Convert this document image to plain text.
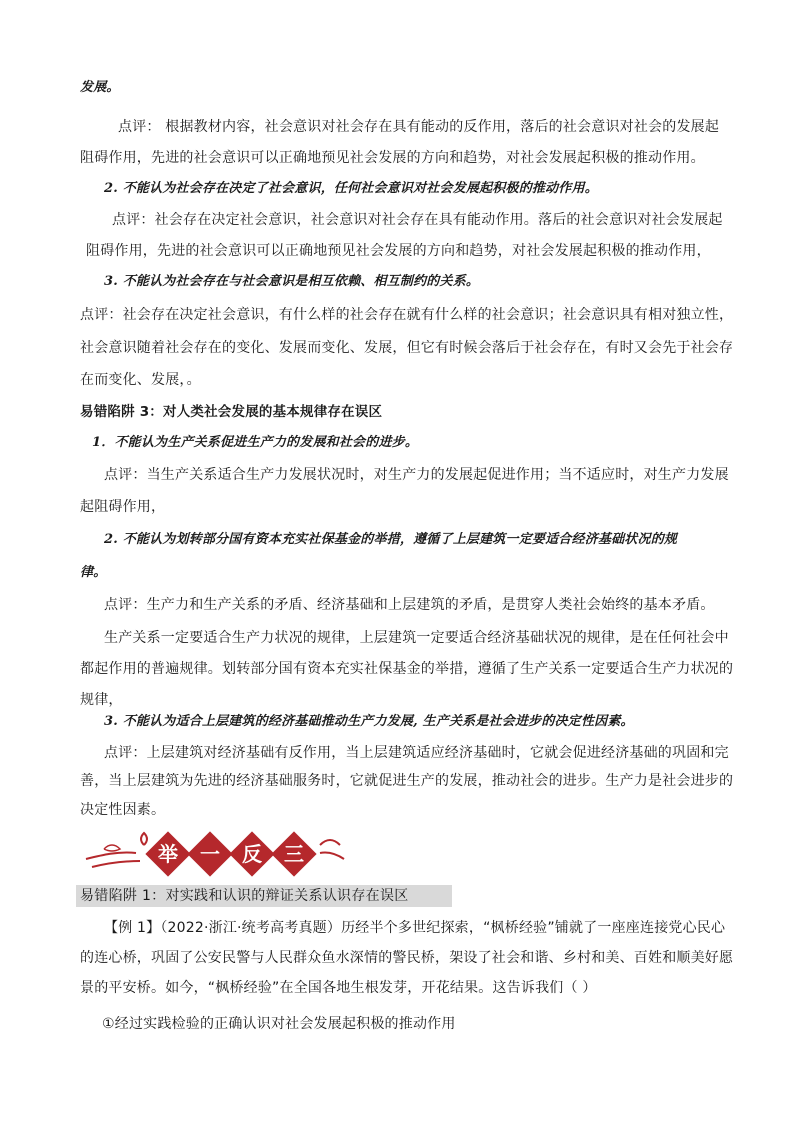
发展。
点评： 根据教材内容，社会意识对社会存在具有能动的反作用，落后的社会意识对社会的发展起
阻碍作用，先进的社会意识可以正确地预见社会发展的方向和趋势，对社会发展起积极的推动作用。
2. 不能认为社会存在决定了社会意识，任何社会意识对社会发展起积极的推动作用。
点评：社会存在决定社会意识，社会意识对社会存在具有能动作用。落后的社会意识对社会发展起
阻碍作用，先进的社会意识可以正确地预见社会发展的方向和趋势，对社会发展起积极的推动作用，
3. 不能认为社会存在与社会意识是相互依赖、相互制约的关系。
点评：社会存在决定社会意识，有什么样的社会存在就有什么样的社会意识；社会意识具有相对独立性，
社会意识随着社会存在的变化、发展而变化、发展，但它有时候会落后于社会存在，有时又会先于社会存
在而变化、发展，。
易错陷阱 3：对人类社会发展的基本规律存在误区
1．不能认为生产关系促进生产力的发展和社会的进步。
点评：当生产关系适合生产力发展状况时，对生产力的发展起促进作用；当不适应时，对生产力发展
起阻碍作用，
2. 不能认为划转部分国有资本充实社保基金的举措，遵循了上层建筑一定要适合经济基础状况的规
律。
点评：生产力和生产关系的矛盾、经济基础和上层建筑的矛盾，是贯穿人类社会始终的基本矛盾。
生产关系一定要适合生产力状况的规律，上层建筑一定要适合经济基础状况的规律，是在任何社会中
都起作用的普遍规律。划转部分国有资本充实社保基金的举措，遵循了生产关系一定要适合生产力状况的
规律，
3. 不能认为适合上层建筑的经济基础推动生产力发展, 生产关系是社会进步的决定性因素。
点评：上层建筑对经济基础有反作用，当上层建筑适应经济基础时，它就会促进经济基础的巩固和完
善，当上层建筑为先进的经济基础服务时，它就促进生产的发展，推动社会的进步。生产力是社会进步的
决定性因素。
举 一 反 三
易错陷阱 1：对实践和认识的辩证关系认识存在误区
【例 1】（2022·浙江·统考高考真题）历经半个多世纪探索，“枫桥经验”铺就了一座座连接党心民心
的连心桥，巩固了公安民警与人民群众鱼水深情的警民桥，架设了社会和谐、乡村和美、百姓和顺美好愿
景的平安桥。如今，“枫桥经验”在全国各地生根发芽，开花结果。这告诉我们（ ）
①经过实践检验的正确认识对社会发展起积极的推动作用
